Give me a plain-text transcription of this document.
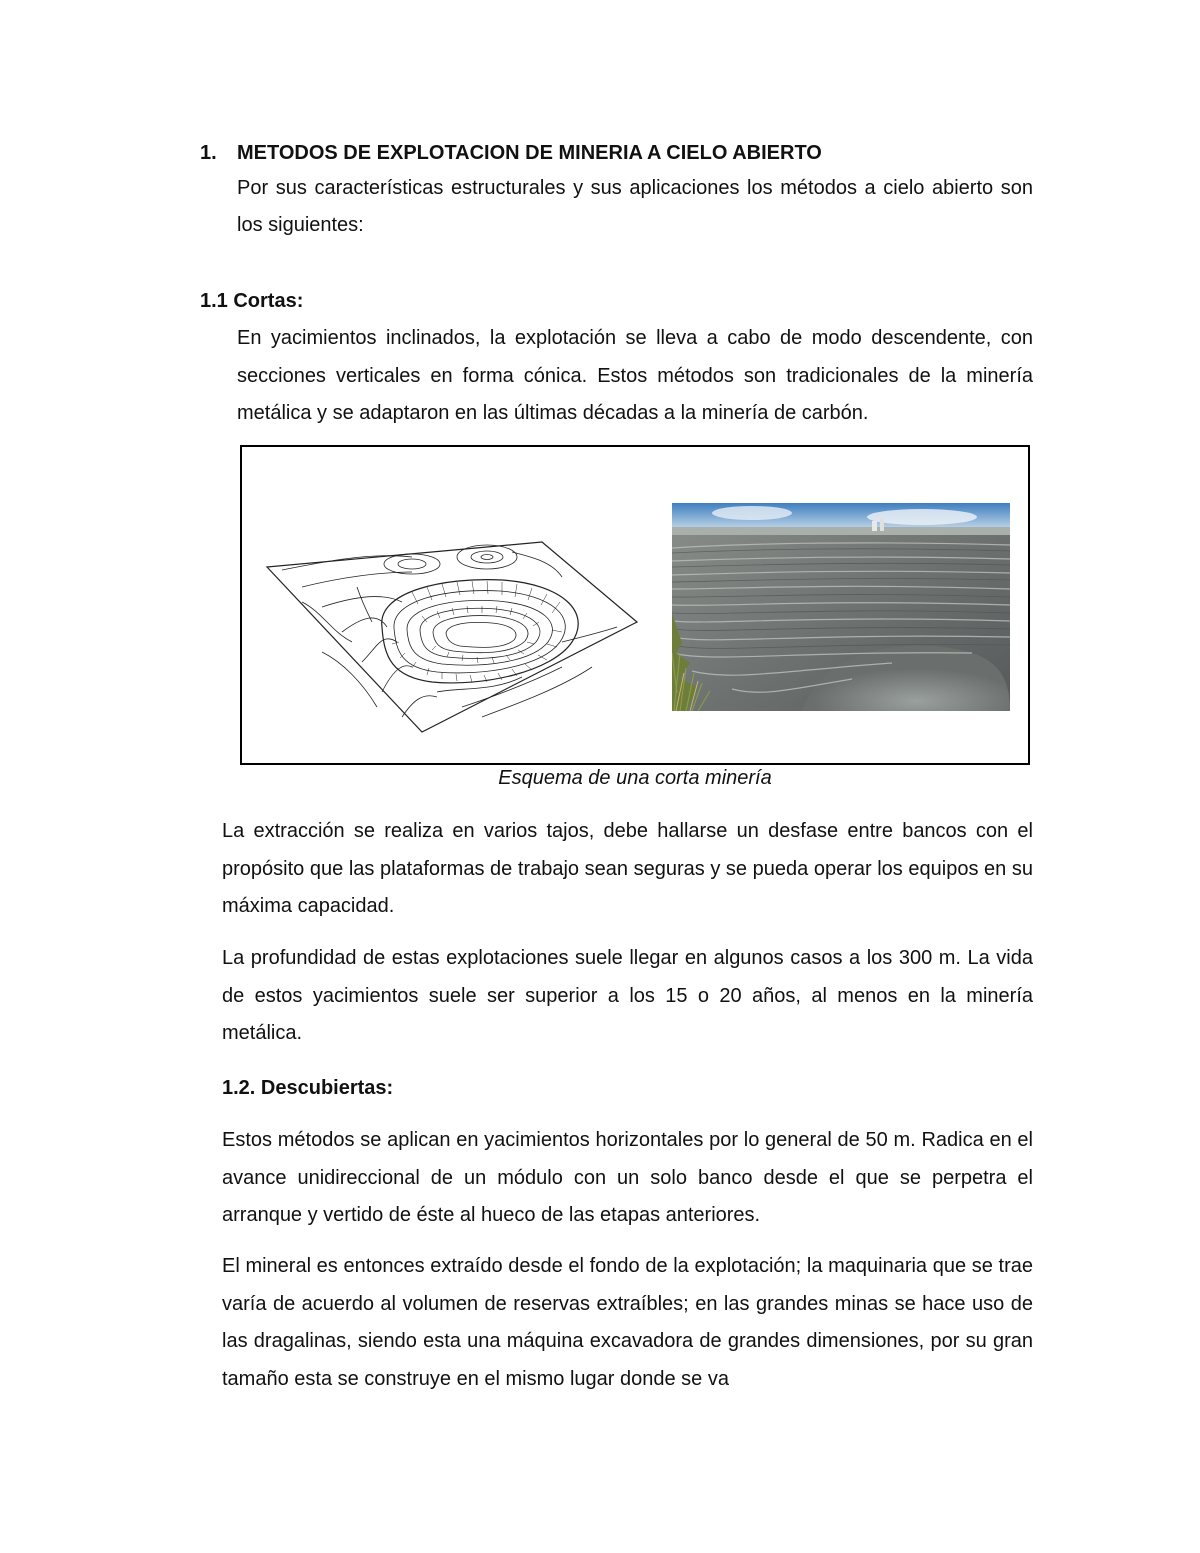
1. METODOS DE EXPLOTACION DE MINERIA A CIELO ABIERTO
Por sus características estructurales y sus aplicaciones los métodos a cielo abierto son los siguientes:
1.1 Cortas:
En yacimientos inclinados, la explotación se lleva a cabo de modo descendente, con secciones verticales en forma cónica. Estos métodos son tradicionales de la minería metálica y se adaptaron en las últimas décadas a la minería de carbón.
Esquema de una corta minería
La extracción se realiza en varios tajos, debe hallarse un desfase entre bancos con el propósito que las plataformas de trabajo sean seguras y se pueda operar los equipos en su máxima capacidad.
La profundidad de estas explotaciones suele llegar en algunos casos a los 300 m. La vida de estos yacimientos suele ser superior a los 15 o 20 años, al menos en la minería metálica.
1.2. Descubiertas:
Estos métodos se aplican en yacimientos horizontales por lo general de 50 m. Radica en el avance unidireccional de un módulo con un solo banco desde el que se perpetra el arranque y vertido de éste al hueco de las etapas anteriores.
El mineral es entonces extraído desde el fondo de la explotación; la maquinaria que se trae varía de acuerdo al volumen de reservas extraíbles; en las grandes minas se hace uso de las dragalinas, siendo esta una máquina excavadora de grandes dimensiones, por su gran tamaño esta se construye en el mismo lugar donde se va
